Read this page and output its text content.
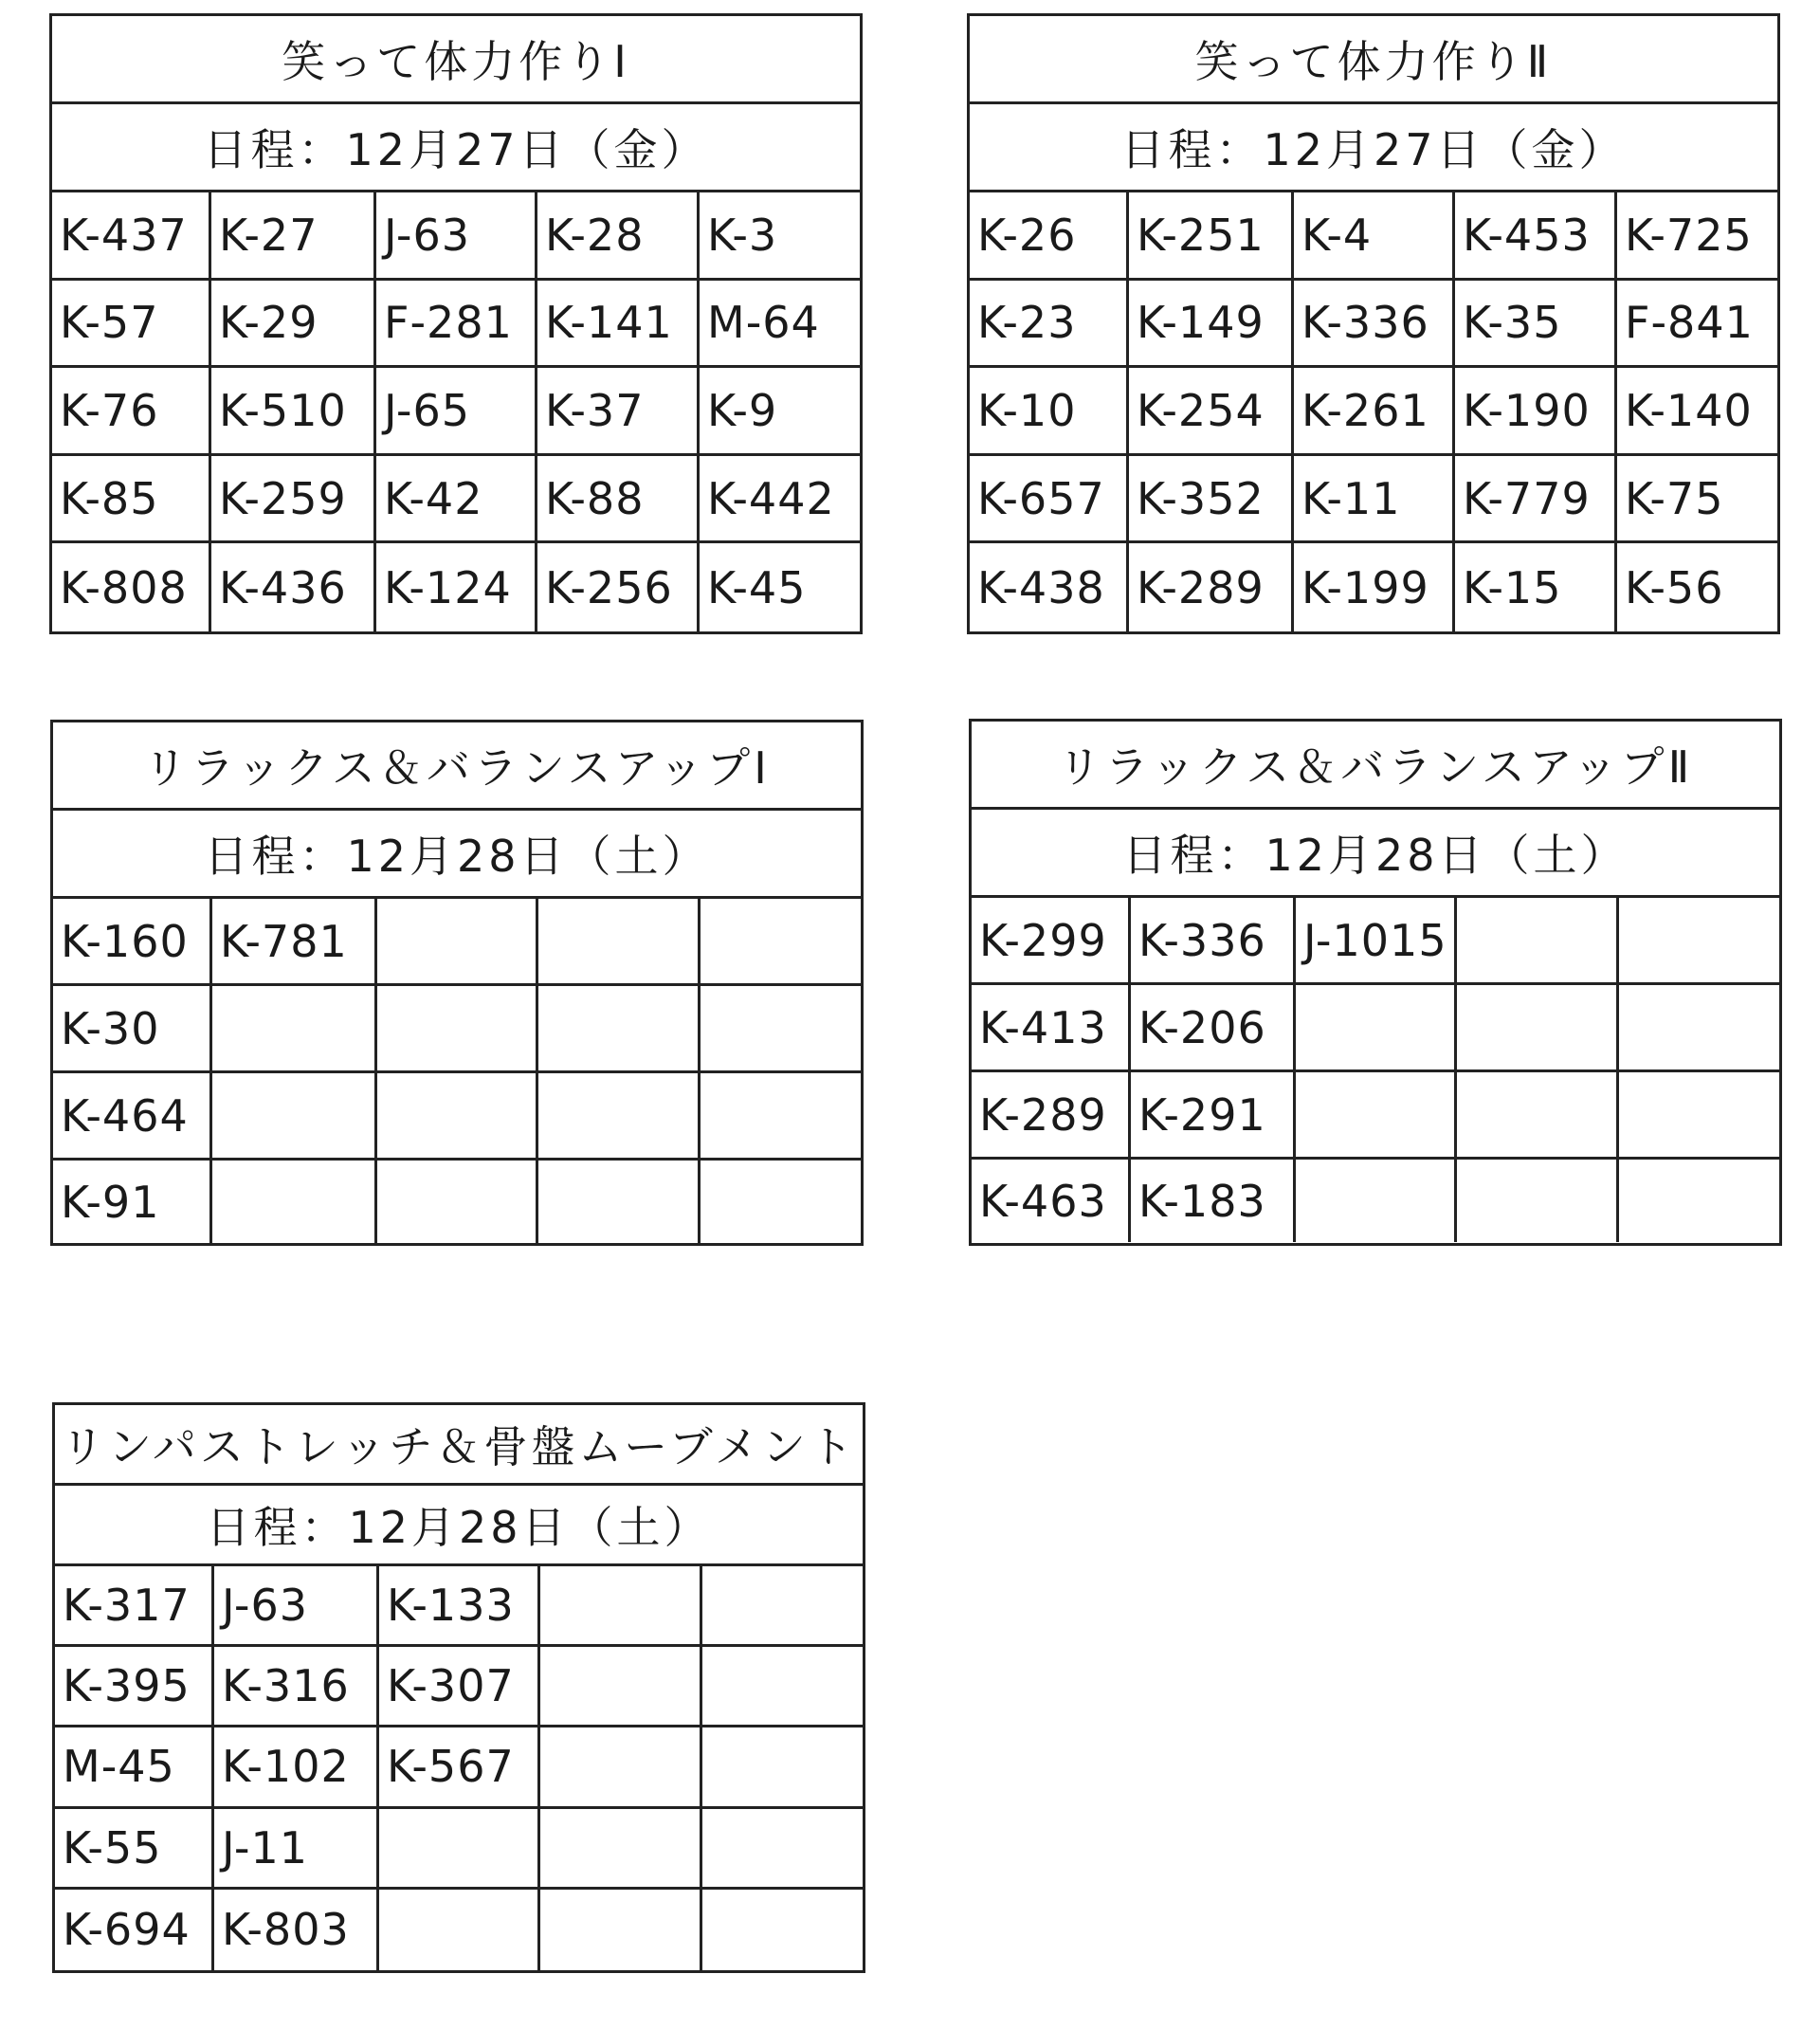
笑って体力作りⅠ
日程：12月27日（金）
K-437 K-27	J-63	K-28	K-3
K-57	K-29	F-281 K-141 M-64
K-76	K-510 J-65	K-37	K-9
K-85	K-259 K-42	K-88	K-442
K-808 K-436 K-124 K-256 K-45
笑って体力作りⅡ
日程：12月27日（金）
K-26	K-251 K-4	K-453 K-725
K-23	K-149 K-336 K-35	F-841
K-10	K-254 K-261 K-190 K-140
K-657 K-352 K-11	K-779 K-75
K-438 K-289 K-199 K-15	K-56
リラックス＆バランスアップⅠ
日程：12月28日（土）
K-160 K-781
K-30
K-464
K-91
リラックス＆バランスアップⅡ
日程：12月28日（土）
K-299 K-336 J-1015
K-413 K-206
K-289 K-291
K-463 K-183
リンパストレッチ＆骨盤ムーブメント
日程：12月28日（土）
K-317 J-63	K-133
K-395 K-316 K-307
M-45	K-102 K-567
K-55	J-11
K-694 K-803
